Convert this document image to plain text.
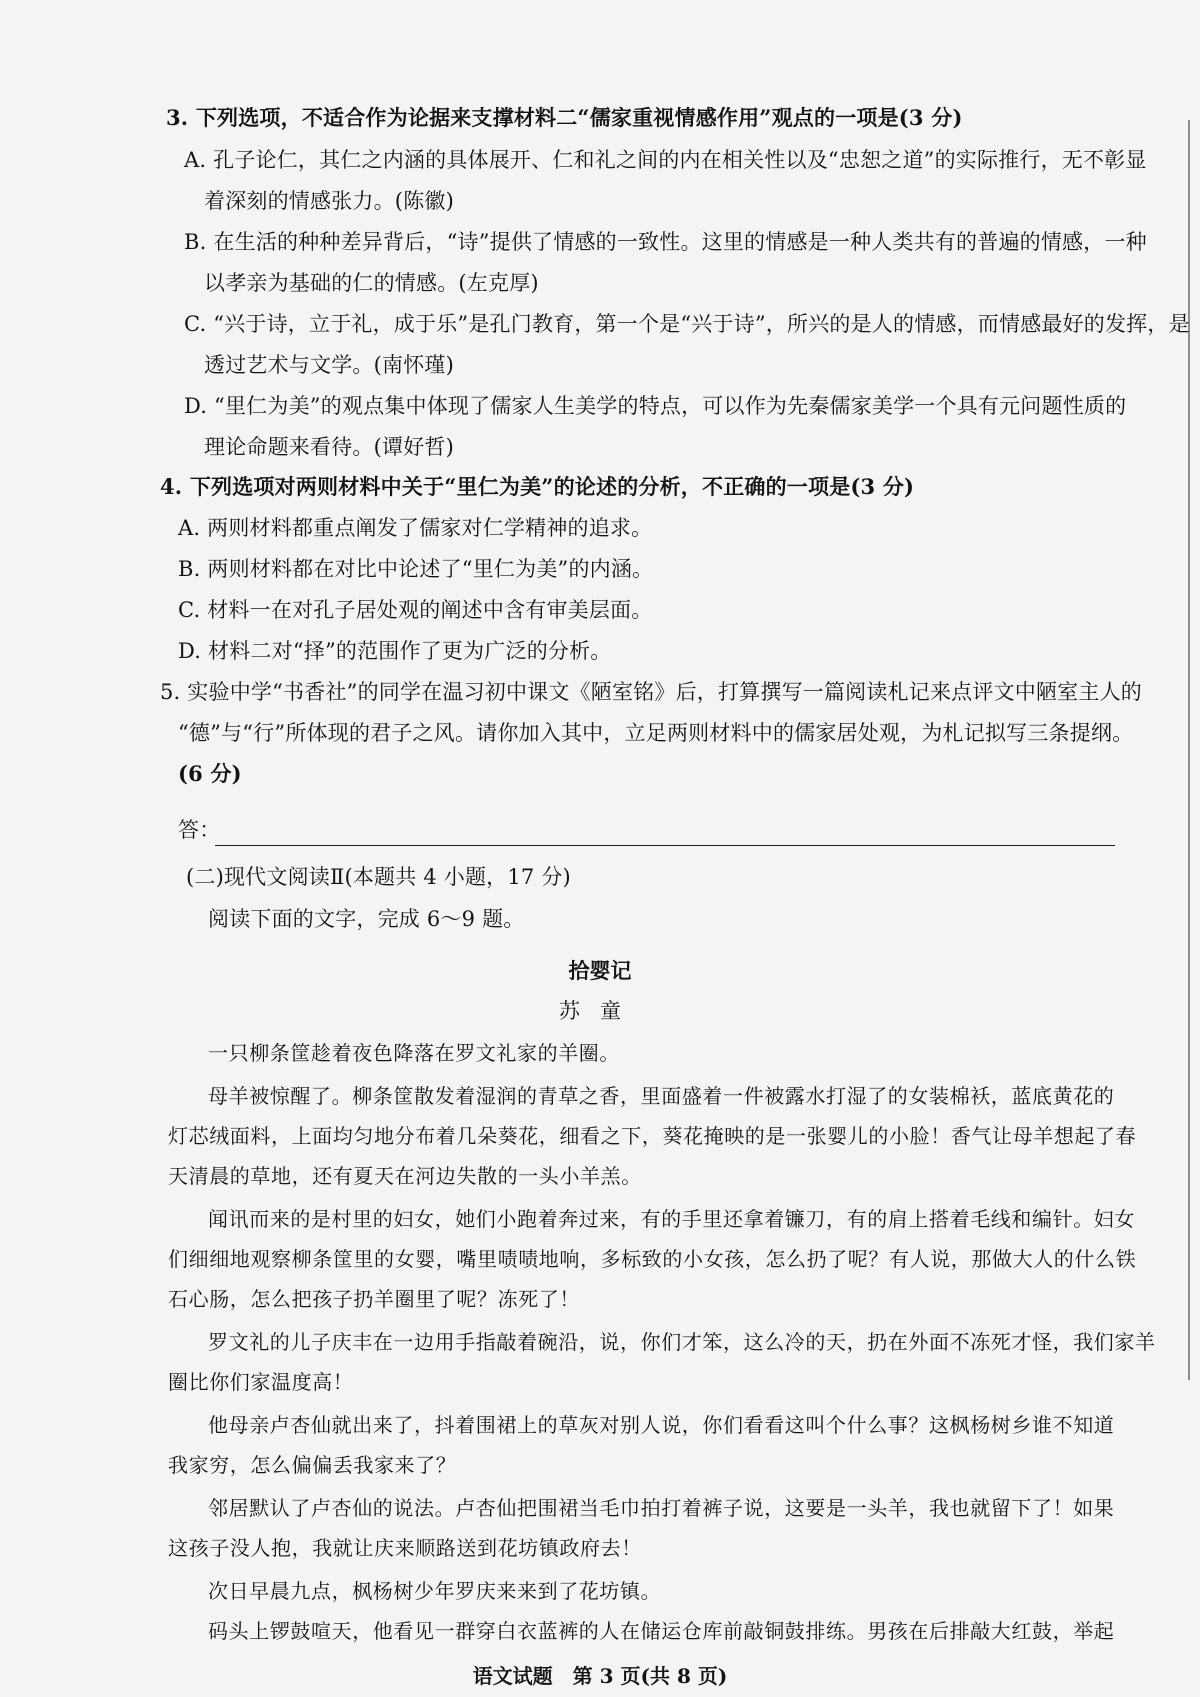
3. 下列选项，不适合作为论据来支撑材料二“儒家重视情感作用”观点的一项是(3 分)
A. 孔子论仁，其仁之内涵的具体展开、仁和礼之间的内在相关性以及“忠恕之道”的实际推行，无不彰显
着深刻的情感张力。(陈徽)
B. 在生活的种种差异背后，“诗”提供了情感的一致性。这里的情感是一种人类共有的普遍的情感，一种
以孝亲为基础的仁的情感。(左克厚)
C. “兴于诗，立于礼，成于乐”是孔门教育，第一个是“兴于诗”，所兴的是人的情感，而情感最好的发挥，是
透过艺术与文学。(南怀瑾)
D. “里仁为美”的观点集中体现了儒家人生美学的特点，可以作为先秦儒家美学一个具有元问题性质的
理论命题来看待。(谭好哲)
4. 下列选项对两则材料中关于“里仁为美”的论述的分析，不正确的一项是(3 分)
A. 两则材料都重点阐发了儒家对仁学精神的追求。
B. 两则材料都在对比中论述了“里仁为美”的内涵。
C. 材料一在对孔子居处观的阐述中含有审美层面。
D. 材料二对“择”的范围作了更为广泛的分析。
5. 实验中学“书香社”的同学在温习初中课文《陋室铭》后，打算撰写一篇阅读札记来点评文中陋室主人的
“德”与“行”所体现的君子之风。请你加入其中，立足两则材料中的儒家居处观，为札记拟写三条提纲。
(6 分)
答：
(二)现代文阅读Ⅱ(本题共 4 小题，17 分)
阅读下面的文字，完成 6～9 题。
拾婴记
苏童
一只柳条筐趁着夜色降落在罗文礼家的羊圈。
母羊被惊醒了。柳条筐散发着湿润的青草之香，里面盛着一件被露水打湿了的女装棉袄，蓝底黄花的
灯芯绒面料，上面均匀地分布着几朵葵花，细看之下，葵花掩映的是一张婴儿的小脸！香气让母羊想起了春
天清晨的草地，还有夏天在河边失散的一头小羊羔。
闻讯而来的是村里的妇女，她们小跑着奔过来，有的手里还拿着镰刀，有的肩上搭着毛线和编针。妇女
们细细地观察柳条筐里的女婴，嘴里啧啧地响，多标致的小女孩，怎么扔了呢？有人说，那做大人的什么铁
石心肠，怎么把孩子扔羊圈里了呢？冻死了！
罗文礼的儿子庆丰在一边用手指敲着碗沿，说，你们才笨，这么冷的天，扔在外面不冻死才怪，我们家羊
圈比你们家温度高！
他母亲卢杏仙就出来了，抖着围裙上的草灰对别人说，你们看看这叫个什么事？这枫杨树乡谁不知道
我家穷，怎么偏偏丢我家来了？
邻居默认了卢杏仙的说法。卢杏仙把围裙当毛巾拍打着裤子说，这要是一头羊，我也就留下了！如果
这孩子没人抱，我就让庆来顺路送到花坊镇政府去！
次日早晨九点，枫杨树少年罗庆来来到了花坊镇。
码头上锣鼓喧天，他看见一群穿白衣蓝裤的人在储运仓库前敲铜鼓排练。男孩在后排敲大红鼓，举起
语文试题　第 3 页(共 8 页)
